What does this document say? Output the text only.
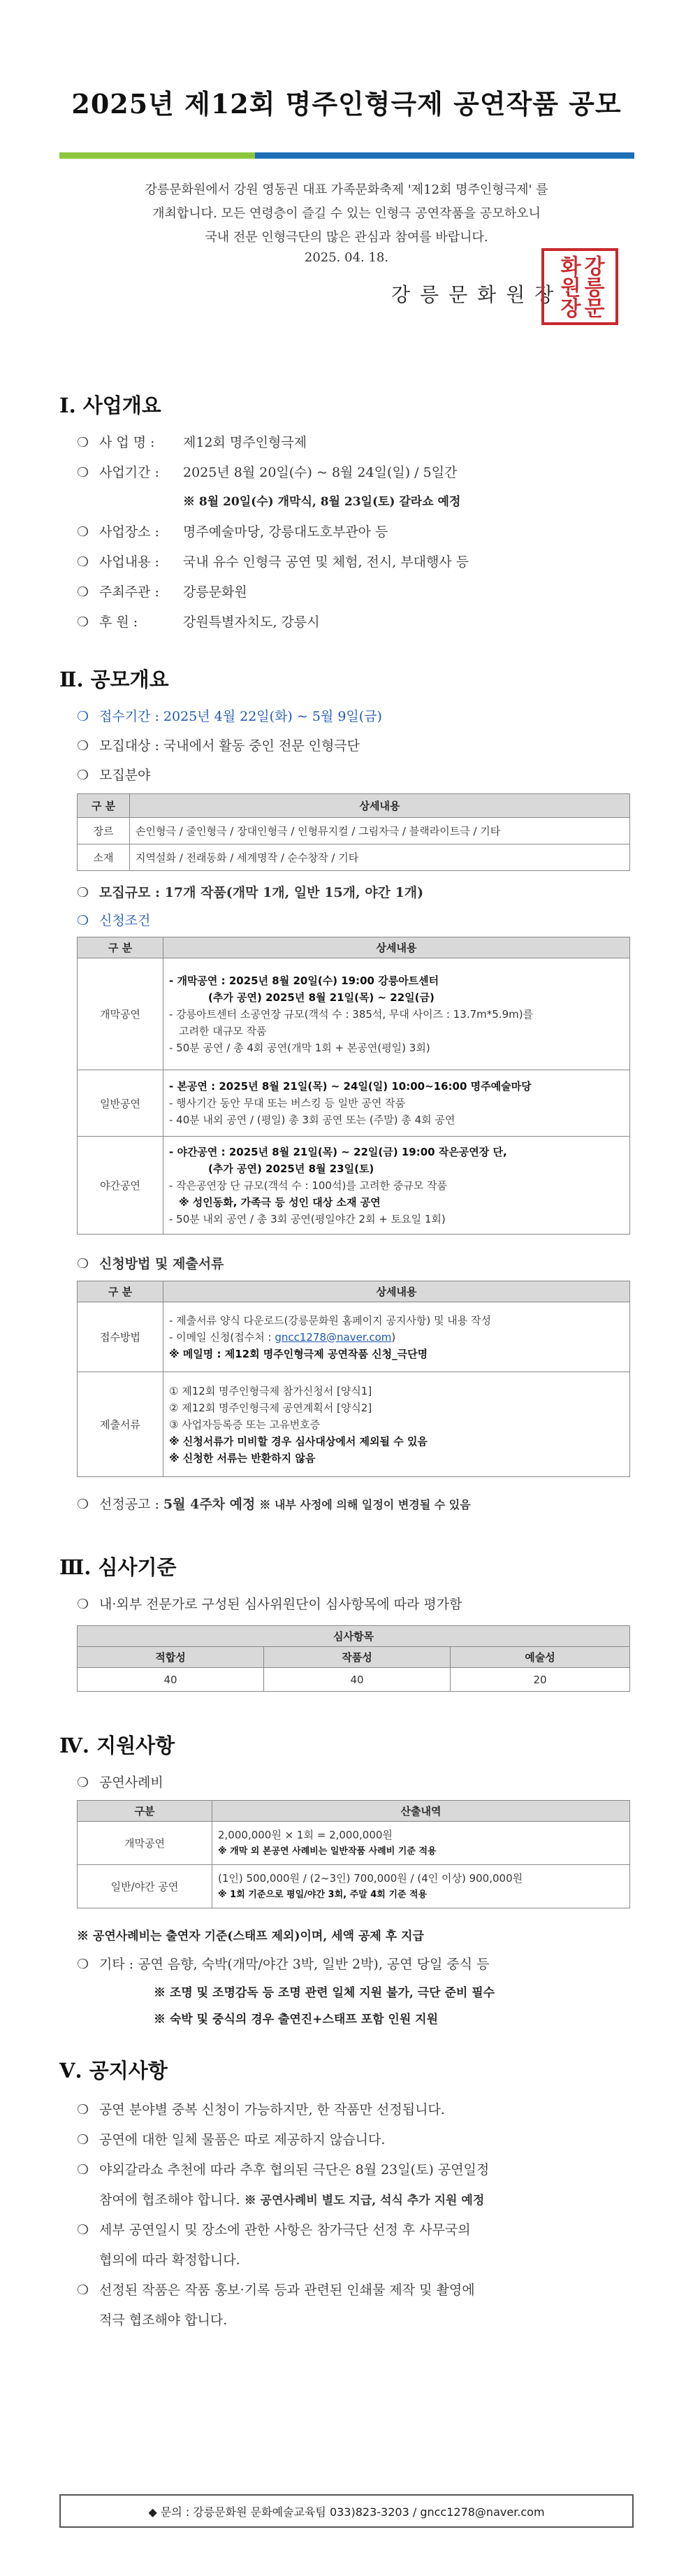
2025년 제12회 명주인형극제 공연작품 공모
강릉문화원에서 강원 영동권 대표 가족문화축제 '제12회 명주인형극제' 를
개최합니다. 모든 연령층이 즐길 수 있는 인형극 공연작품을 공모하오니
국내 전문 인형극단의 많은 관심과 참여를 바랍니다.
2025. 04. 18.
강릉문화원장 강릉문화원장
Ⅰ. 사업개요
❍ 사 업 명 : 제12회 명주인형극제
❍ 사업기간 : 2025년 8월 20일(수) ~ 8월 24일(일) / 5일간
※ 8월 20일(수) 개막식, 8월 23일(토) 갈라쇼 예정
❍ 사업장소 : 명주예술마당, 강릉대도호부관아 등
❍ 사업내용 : 국내 유수 인형극 공연 및 체험, 전시, 부대행사 등
❍ 주최주관 : 강릉문화원
❍ 후 원 :	강원특별자치도, 강릉시
Ⅱ. 공모개요
❍ 접수기간 : 2025년 4월 22일(화) ~ 5월 9일(금)
❍ 모집대상 : 국내에서 활동 중인 전문 인형극단
❍ 모집분야
구 분	상세내용
장르	손인형극 / 줄인형극 / 장대인형극 / 인형뮤지컬 / 그림자극 / 블랙라이트극 / 기타
소재	지역설화 / 전래동화 / 세계명작 / 순수창작 / 기타
❍ 모집규모 : 17개 작품(개막 1개, 일반 15개, 야간 1개)
❍ 신청조건
구 분	상세내용
개막공연	- 개막공연 : 2025년 8월 20일(수) 19:00 강릉아트센터
(추가 공연) 2025년 8월 21일(목) ~ 22일(금)
- 강릉아트센터 소공연장 규모(객석 수 : 385석, 무대 사이즈 : 13.7m*5.9m)를
고려한 대규모 작품
- 50분 공연 / 총 4회 공연(개막 1회 + 본공연(평일) 3회)

일반공연	- 본공연 : 2025년 8월 21일(목) ~ 24일(일) 10:00~16:00 명주예술마당
- 행사기간 동안 무대 또는 버스킹 등 일반 공연 작품
- 40분 내외 공연 / (평일) 총 3회 공연 또는 (주말) 총 4회 공연

야간공연	- 야간공연 : 2025년 8월 21일(목) ~ 22일(금) 19:00 작은공연장 단,
(추가 공연) 2025년 8월 23일(토)
- 작은공연장 단 규모(객석 수 : 100석)를 고려한 중규모 작품
※ 성인동화, 가족극 등 성인 대상 소재 공연
- 50분 내외 공연 / 총 3회 공연(평일야간 2회 + 토요일 1회)
❍ 신청방법 및 제출서류
구 분	상세내용
접수방법	- 제출서류 양식 다운로드(강릉문화원 홈페이지 공지사항) 및 내용 작성
- 이메일 신청(접수처 : gncc1278@naver.com)
※ 메일명 : 제12회 명주인형극제 공연작품 신청_극단명

제출서류	① 제12회 명주인형극제 참가신청서 [양식1]
② 제12회 명주인형극제 공연계획서 [양식2]
③ 사업자등록증 또는 고유번호증
※ 신청서류가 미비할 경우 심사대상에서 제외될 수 있음
※ 신청한 서류는 반환하지 않음
❍ 선정공고 : 5월 4주차 예정 ※ 내부 사정에 의해 일정이 변경될 수 있음
Ⅲ. 심사기준
❍ 내·외부 전문가로 구성된 심사위원단이 심사항목에 따라 평가함
심사항목		
적합성	작품성	예술성
40	40	20
Ⅳ. 지원사항
❍ 공연사례비
구분	산출내역
개막공연	2,000,000원 × 1회 = 2,000,000원
※ 개막 외 본공연 사례비는 일반작품 사례비 기준 적용

일반/야간 공연	(1인) 500,000원 / (2~3인) 700,000원 / (4인 이상) 900,000원
※ 1회 기준으로 평일/야간 3회, 주말 4회 기준 적용
※ 공연사례비는 출연자 기준(스태프 제외)이며, 세액 공제 후 지급
❍ 기타 : 공연 음향, 숙박(개막/야간 3박, 일반 2박), 공연 당일 중식 등
※ 조명 및 조명감독 등 조명 관련 일체 지원 불가, 극단 준비 필수
※ 숙박 및 중식의 경우 출연진+스태프 포함 인원 지원
Ⅴ. 공지사항
❍ 공연 분야별 중복 신청이 가능하지만, 한 작품만 선정됩니다.
❍ 공연에 대한 일체 물품은 따로 제공하지 않습니다.
❍ 야외갈라쇼 추천에 따라 추후 협의된 극단은 8월 23일(토) 공연일정
참여에 협조해야 합니다. ※ 공연사례비 별도 지급, 석식 추가 지원 예정
❍ 세부 공연일시 및 장소에 관한 사항은 참가극단 선정 후 사무국의
협의에 따라 확정합니다.
❍ 선정된 작품은 작품 홍보·기록 등과 관련된 인쇄물 제작 및 촬영에
적극 협조해야 합니다.
◆ 문의 : 강릉문화원 문화예술교육팀 033)823-3203 / gncc1278@naver.com
